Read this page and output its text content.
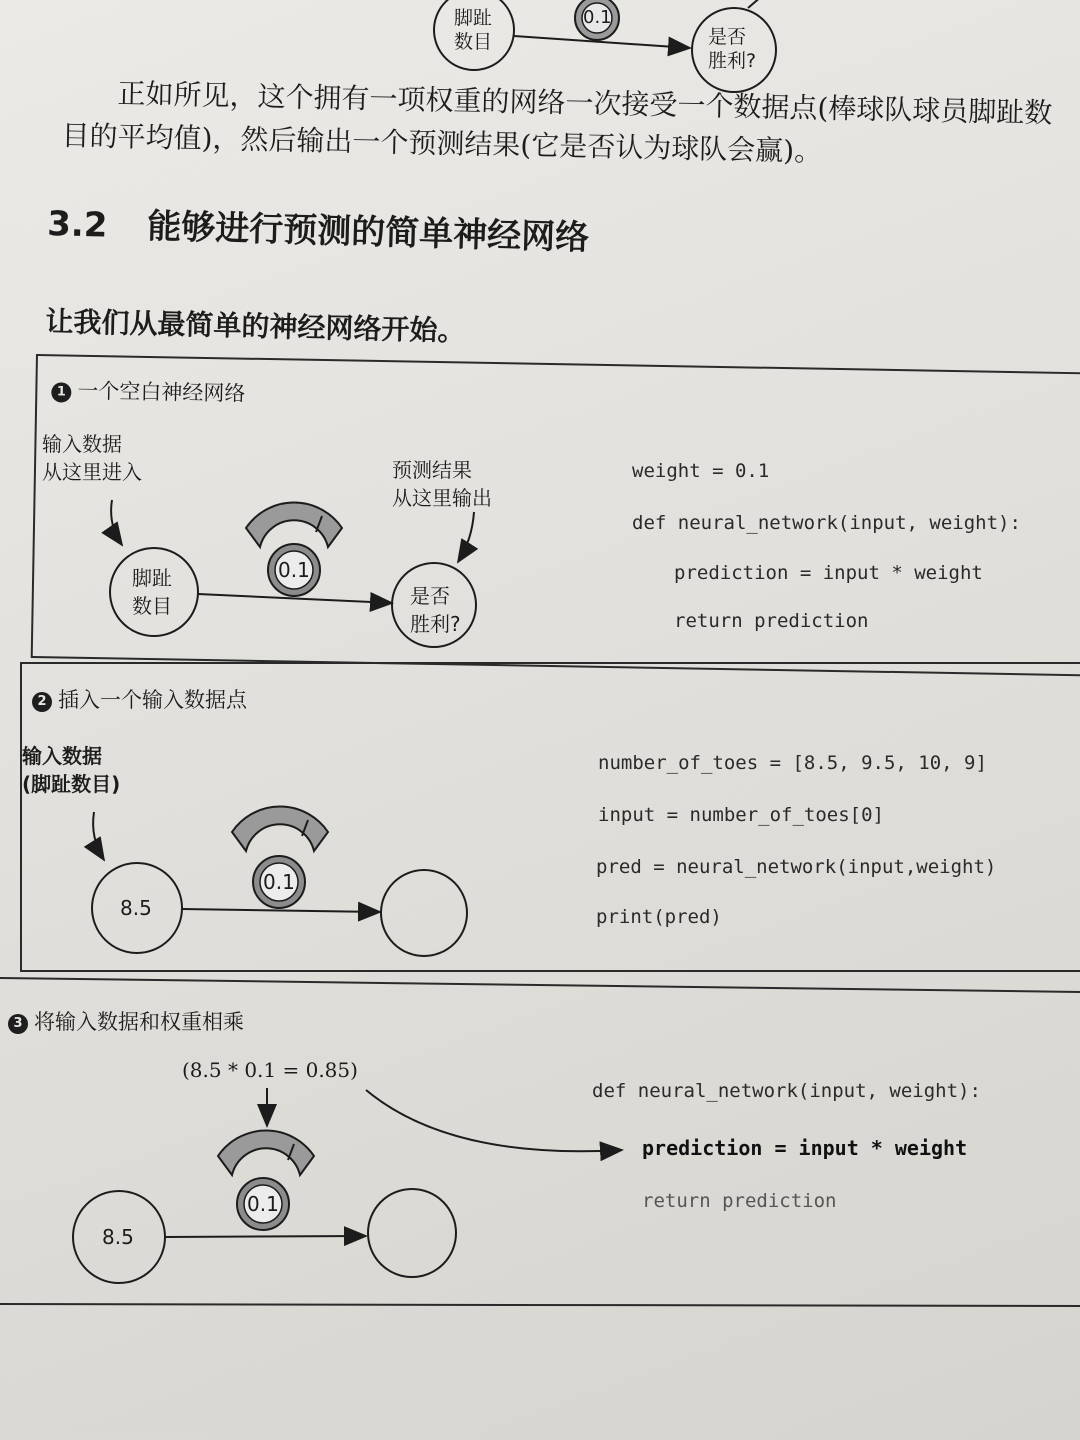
脚趾
数目
0.1
是否
胜利?
正如所见，这个拥有一项权重的网络一次接受一个数据点(棒球队球员脚趾数
目的平均值)，然后输出一个预测结果(它是否认为球队会赢)。
3.2 能够进行预测的简单神经网络
让我们从最简单的神经网络开始。
1 一个空白神经网络
输入数据
从这里进入	预测结果
从这里输出
脚趾
数目
0.1
是否
胜利?
weight = 0.1
def neural_network(input, weight):
prediction = input * weight
return prediction
2 插入一个输入数据点
输入数据
(脚趾数目)
8.5
0.1
number_of_toes = [8.5, 9.5, 10, 9]
input = number_of_toes[0]
pred = neural_network(input,weight)
print(pred)
3 将输入数据和权重相乘
(8.5 * 0.1 = 0.85)
8.5
0.1
def neural_network(input, weight):
prediction = input * weight
return prediction
